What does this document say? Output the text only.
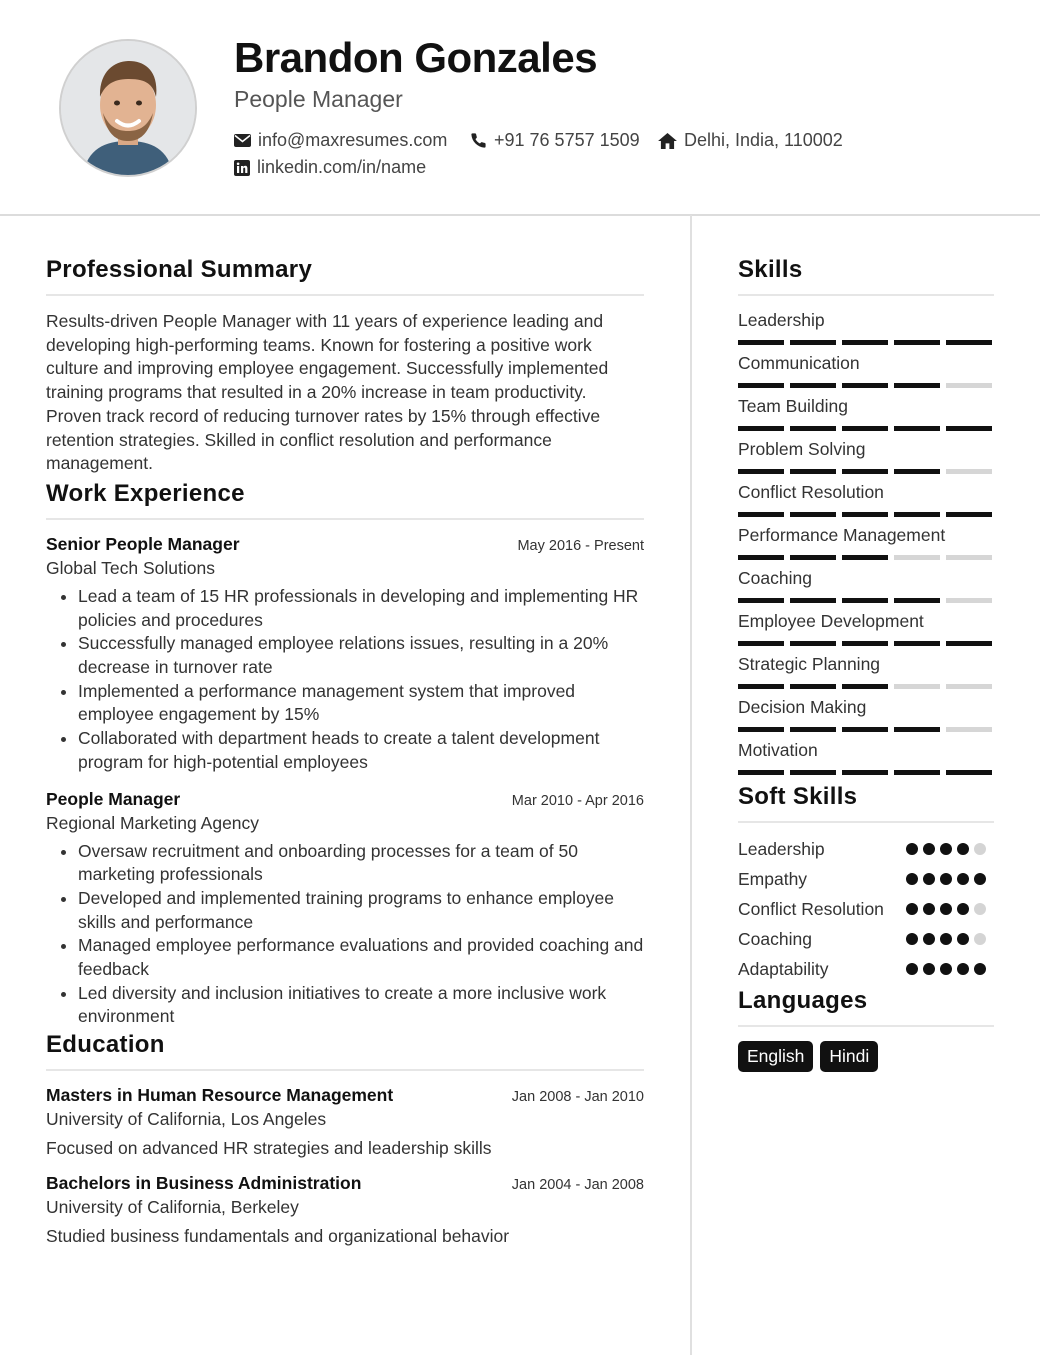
Brandon Gonzales
People Manager
info@maxresumes.com	+91 76 5757 1509 Delhi, India, 110002
linkedin.com/in/name
Professional Summary

Results-driven People Manager with 11 years of experience leading and developing high-performing teams. Known for fostering a positive work culture and improving employee engagement. Successfully implemented training programs that resulted in a 20% increase in team productivity. Proven track record of reducing turnover rates by 15% through effective retention strategies. Skilled in conflict resolution and performance management.

Work Experience
Senior People Manager	May 2016 - Present
Global Tech Solutions
• Lead a team of 15 HR professionals in developing and implementing HR policies and procedures
• Successfully managed employee relations issues, resulting in a 20% decrease in turnover rate
• Implemented a performance management system that improved employee engagement by 15%
• Collaborated with department heads to create a talent development program for high-potential employees
People Manager	Mar 2010 - Apr 2016
Regional Marketing Agency
• Oversaw recruitment and onboarding processes for a team of 50 marketing professionals
• Developed and implemented training programs to enhance employee skills and performance
• Managed employee performance evaluations and provided coaching and feedback
• Led diversity and inclusion initiatives to create a more inclusive work environment
Education
Masters in Human Resource Management	Jan 2008 - Jan 2010
University of California, Los Angeles
Focused on advanced HR strategies and leadership skills
Bachelors in Business Administration	Jan 2004 - Jan 2008
University of California, Berkeley
Studied business fundamentals and organizational behavior
Skills
Leadership
Communication
Team Building
Problem Solving
Conflict Resolution
Performance Management
Coaching
Employee Development
Strategic Planning
Decision Making
Motivation
Soft Skills
Leadership
Empathy
Conflict Resolution
Coaching
Adaptability
Languages
English	Hindi
